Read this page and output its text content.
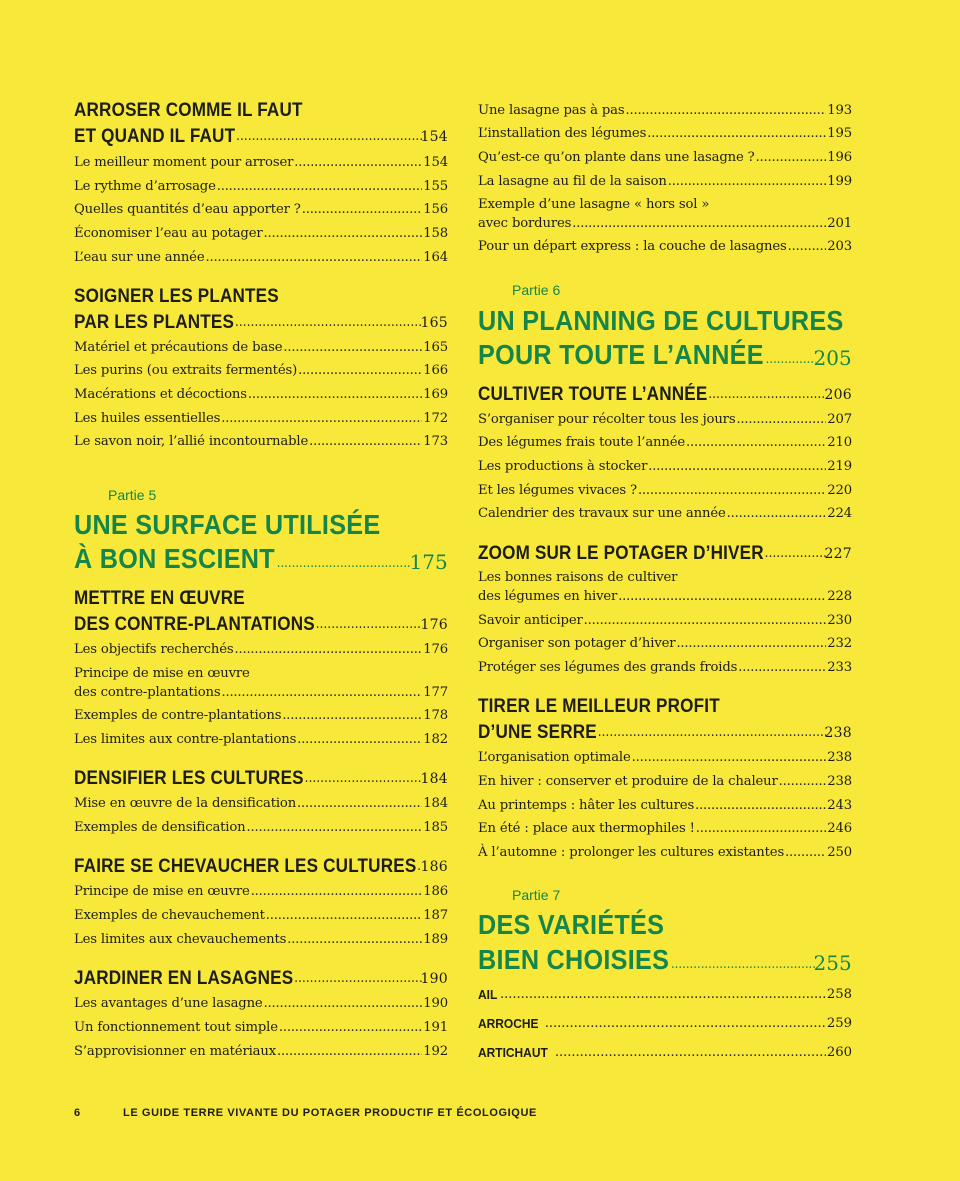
ARROSER COMME IL FAUT
ET QUAND IL FAUT .....	154
Le meilleur moment pour arroser .....	154
Le rythme d’arrosage .....	155
Quelles quantités d’eau apporter ? .....	156
Économiser l’eau au potager .....	158
L’eau sur une année .....	164
SOIGNER LES PLANTES
PAR LES PLANTES .....	165
Matériel et précautions de base .....	165
Les purins (ou extraits fermentés) .....	166
Macérations et décoctions .....	169
Les huiles essentielles .....	172
Le savon noir, l’allié incontournable .....	173
Partie 5
UNE SURFACE UTILISÉE
À BON ESCIENT .....	175
METTRE EN ŒUVRE
DES CONTRE-PLANTATIONS .....	176
Les objectifs recherchés .....	176
Principe de mise en œuvre
des contre-plantations .....	177
Exemples de contre-plantations .....	178
Les limites aux contre-plantations .....	182
DENSIFIER LES CULTURES .....	184
Mise en œuvre de la densification .....	184
Exemples de densification .....	185
FAIRE SE CHEVAUCHER LES CULTURES ..... 186
Principe de mise en œuvre .....	186
Exemples de chevauchement .....	187
Les limites aux chevauchements .....	189
JARDINER EN LASAGNES .....	190
Les avantages d’une lasagne .....	190
Un fonctionnement tout simple .....	191
S’approvisionner en matériaux .....	192
Une lasagne pas à pas .....	193
L’installation des légumes .....	195
Qu’est-ce qu’on plante dans une lasagne ? .....	196
La lasagne au fil de la saison .....	199
Exemple d’une lasagne « hors sol »
avec bordures .....	201
Pour un départ express : la couche de lasagnes .....	203
Partie 6
UN PLANNING DE CULTURES
POUR TOUTE L’ANNÉE ..... 205
CULTIVER TOUTE L’ANNÉE .....	206
S’organiser pour récolter tous les jours .....	207
Des légumes frais toute l’année .....	210
Les productions à stocker .....	219
Et les légumes vivaces ? .....	220
Calendrier des travaux sur une année .....	224
ZOOM SUR LE POTAGER D’HIVER .....	227
Les bonnes raisons de cultiver
des légumes en hiver .....	228
Savoir anticiper .....	230
Organiser son potager d’hiver .....	232
Protéger ses légumes des grands froids .....	233
TIRER LE MEILLEUR PROFIT
D’UNE SERRE .....	238
L’organisation optimale .....	238
En hiver : conserver et produire de la chaleur .....	238
Au printemps : hâter les cultures .....	243
En été : place aux thermophiles ! .....	246
À l’automne : prolonger les cultures existantes .....	250
Partie 7
DES VARIÉTÉS
BIEN CHOISIES .....	255
AIL .....	258
ARROCHE .....	259
ARTICHAUT .....	260
6	LE GUIDE TERRE VIVANTE DU POTAGER PRODUCTIF ET ÉCOLOGIQUE
